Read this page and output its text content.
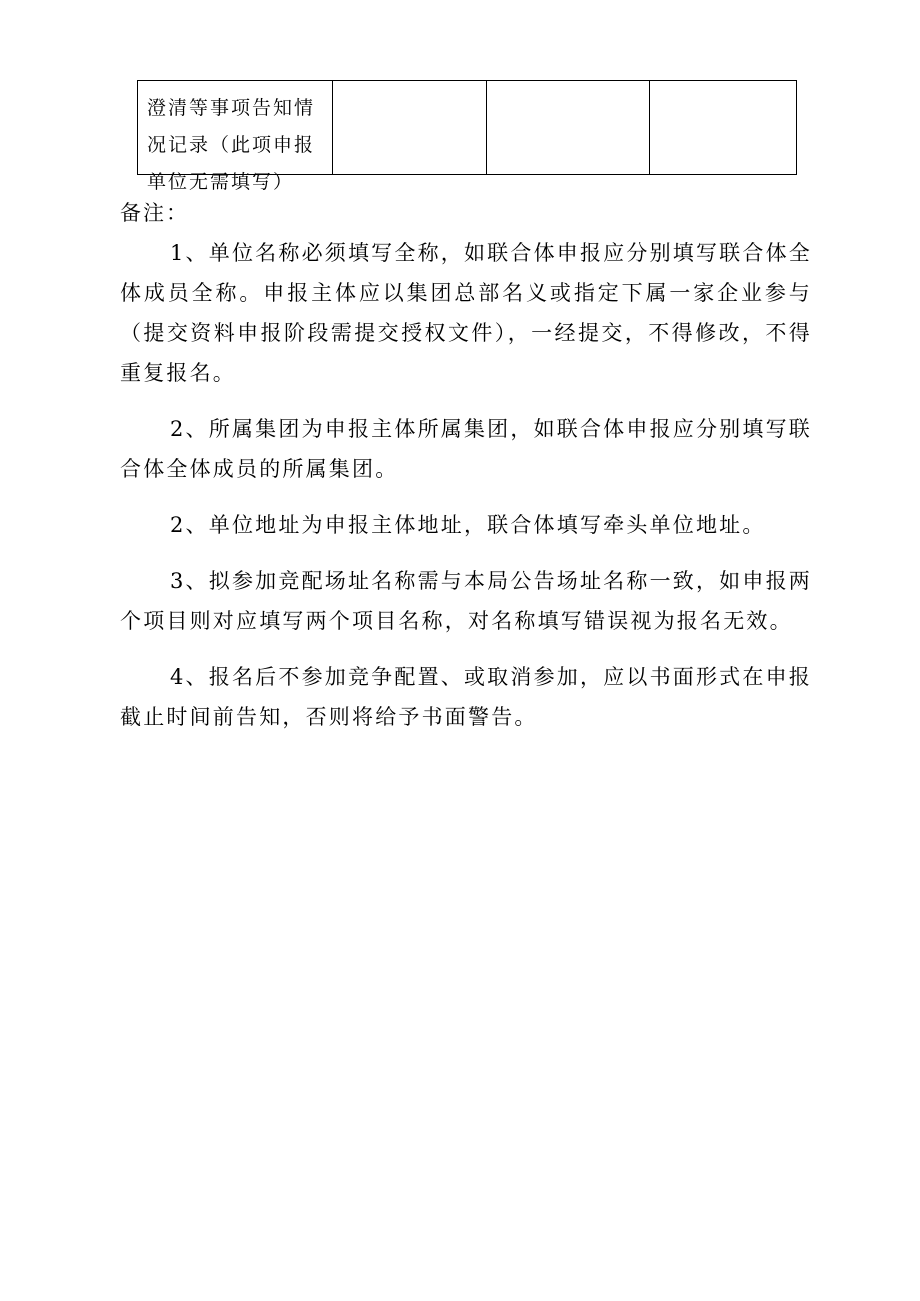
澄清等事项告知情况记录（此项申报单位无需填写）

备注：

1、单位名称必须填写全称，如联合体申报应分别填写联合体全体成员全称。申报主体应以集团总部名义或指定下属一家企业参与（提交资料申报阶段需提交授权文件），一经提交，不得修改，不得重复报名。

2、所属集团为申报主体所属集团，如联合体申报应分别填写联合体全体成员的所属集团。

2、单位地址为申报主体地址，联合体填写牵头单位地址。

3、拟参加竞配场址名称需与本局公告场址名称一致，如申报两个项目则对应填写两个项目名称，对名称填写错误视为报名无效。

4、报名后不参加竞争配置、或取消参加，应以书面形式在申报截止时间前告知，否则将给予书面警告。
